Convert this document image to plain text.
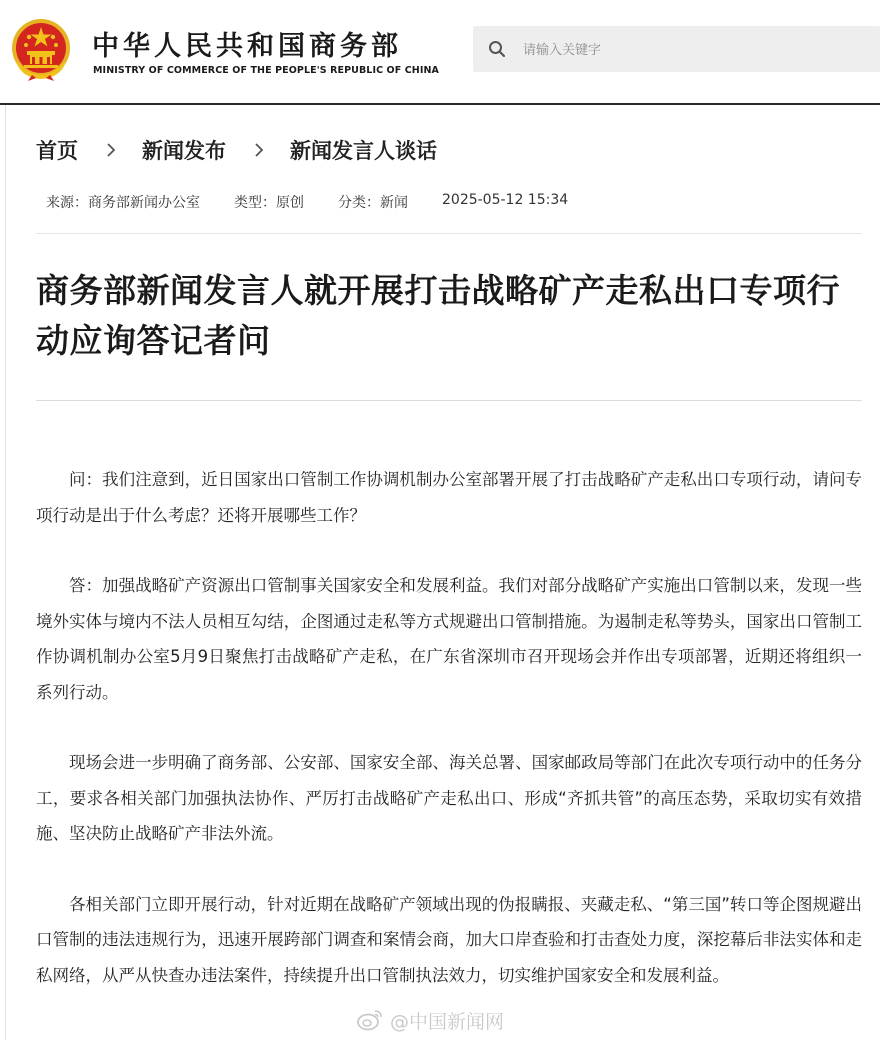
中华人民共和国商务部
MINISTRY OF COMMERCE OF THE PEOPLE'S REPUBLIC OF CHINA
请输入关键字
首页	新闻发布	新闻发言人谈话
来源：商务部新闻办公室 类型：原创 分类：新闻 2025-05-12 15:34
商务部新闻发言人就开展打击战略矿产走私出口专项行动应询答记者问

问：我们注意到，近日国家出口管制工作协调机制办公室部署开展了打击战略矿产走私出口专项行动，请问专项行动是出于什么考虑？还将开展哪些工作？

答：加强战略矿产资源出口管制事关国家安全和发展利益。我们对部分战略矿产实施出口管制以来，发现一些境外实体与境内不法人员相互勾结，企图通过走私等方式规避出口管制措施。为遏制走私等势头，国家出口管制工作协调机制办公室5月9日聚焦打击战略矿产走私，在广东省深圳市召开现场会并作出专项部署，近期还将组织一系列行动。

现场会进一步明确了商务部、公安部、国家安全部、海关总署、国家邮政局等部门在此次专项行动中的任务分工，要求各相关部门加强执法协作、严厉打击战略矿产走私出口、形成“齐抓共管”的高压态势，采取切实有效措施、坚决防止战略矿产非法外流。

各相关部门立即开展行动，针对近期在战略矿产领域出现的伪报瞒报、夹藏走私、“第三国”转口等企图规避出口管制的违法违规行为，迅速开展跨部门调查和案情会商，加大口岸查验和打击查处力度，深挖幕后非法实体和走私网络，从严从快查办违法案件，持续提升出口管制执法效力，切实维护国家安全和发展利益。

@中国新闻网
